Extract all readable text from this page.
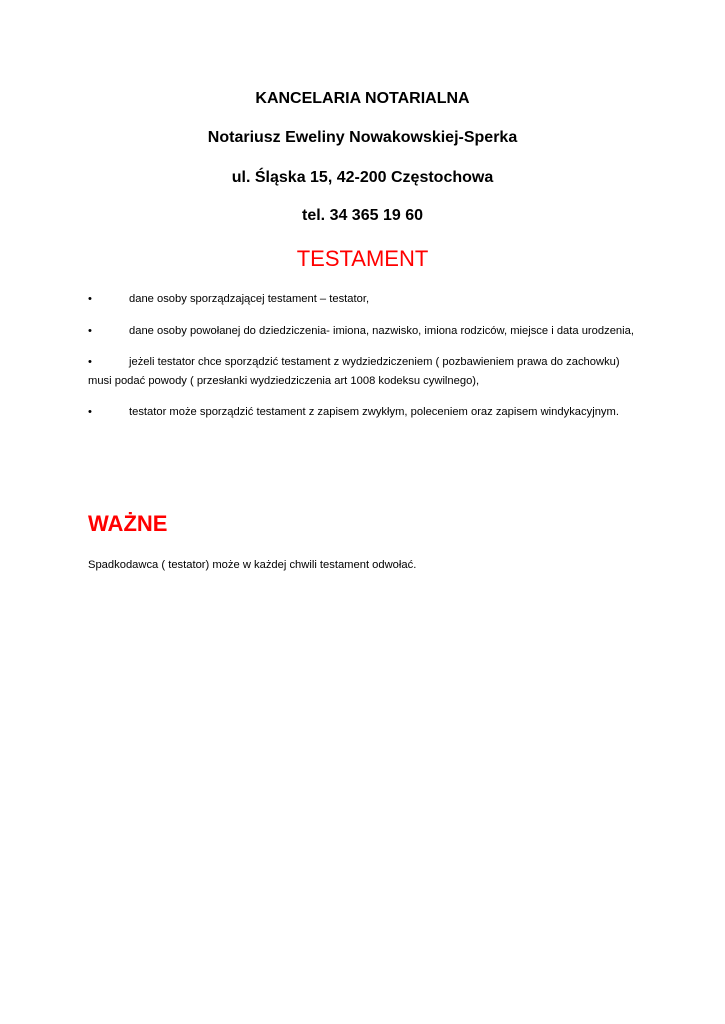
KANCELARIA NOTARIALNA
Notariusz Eweliny Nowakowskiej-Sperka
ul. Śląska 15, 42-200 Częstochowa
tel. 34 365 19 60
TESTAMENT
•	dane osoby sporządzającej testament – testator,
•	dane osoby powołanej do dziedziczenia- imiona, nazwisko, imiona rodziców, miejsce i data urodzenia,
•	jeżeli testator chce sporządzić testament z wydziedziczeniem ( pozbawieniem prawa do zachowku) musi podać powody ( przesłanki wydziedziczenia art 1008 kodeksu cywilnego),
•	testator może sporządzić testament z zapisem zwykłym, poleceniem oraz zapisem windykacyjnym.
WAŻNE
Spadkodawca ( testator) może w każdej chwili testament odwołać.
